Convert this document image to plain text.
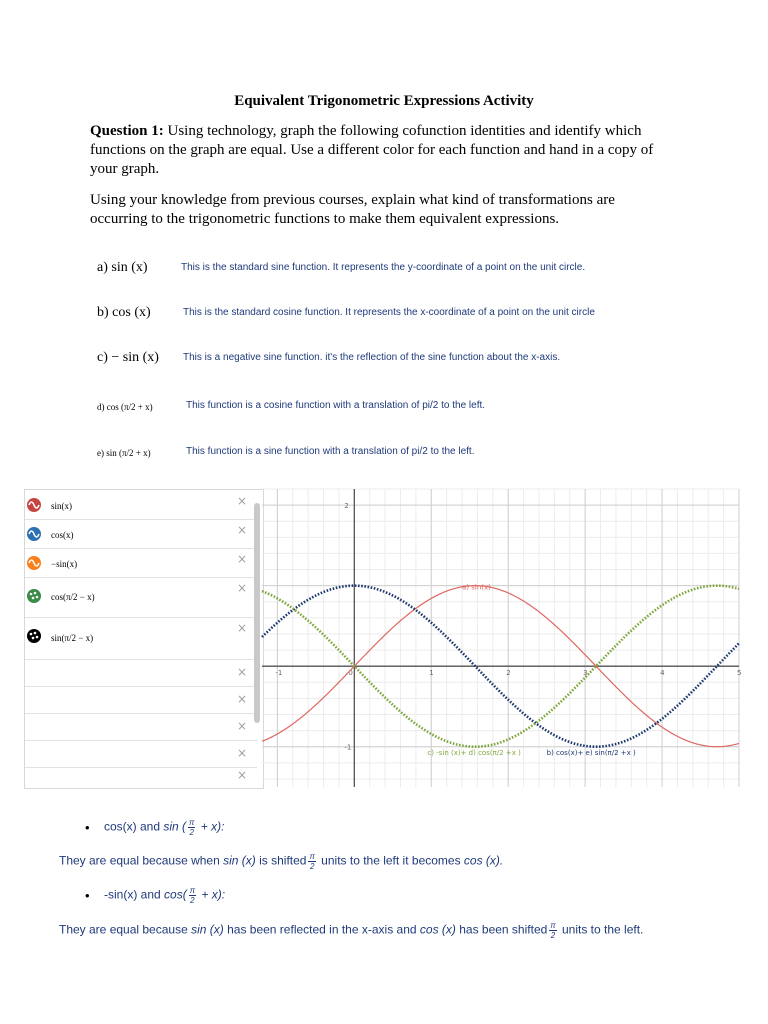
Equivalent Trigonometric Expressions Activity
Question 1: Using technology, graph the following cofunction identities and identify which functions on the graph are equal. Use a different color for each function and hand in a copy of your graph.
Using your knowledge from previous courses, explain what kind of transformations are occurring to the trigonometric functions to make them equivalent expressions.
a) sin (x)	This is the standard sine function. It represents the y-coordinate of a point on the unit circle.
b) cos (x)	This is the standard cosine function. It represents the x-coordinate of a point on the unit circle
c) − sin (x) This is a negative sine function. it's the reflection of the sine function about the x-axis.
d) cos (π/2 + x)	This function is a cosine function with a translation of pi/2 to the left.
e) sin (π/2 + x)	This function is a sine function with a translation of pi/2 to the left.
sin(x)	×
cos(x)	×
−sin(x)	×
cos(π/2 − x)
×
sin(π/2 − x)
×
×
×
×
×
×
-1	0	1	2	3	4	5
2
-1
a) sin(x)
c) -sin (x)+ d) cos(π/2 +x )	b) cos(x)+ e) sin(π/2 +x )
• cos(x) and sin ( $\frac{\pi}{2} + x$):
They are equal because when sin (x) is shifted $\frac{\pi}{2}$ units to the left it becomes cos (x).
• -sin(x) and $\cos( \frac{\pi}{2} + x)$:
They are equal because sin (x) has been reflected in the x-axis and cos (x) has been shifted $\frac{\pi}{2}$ units to the left.
